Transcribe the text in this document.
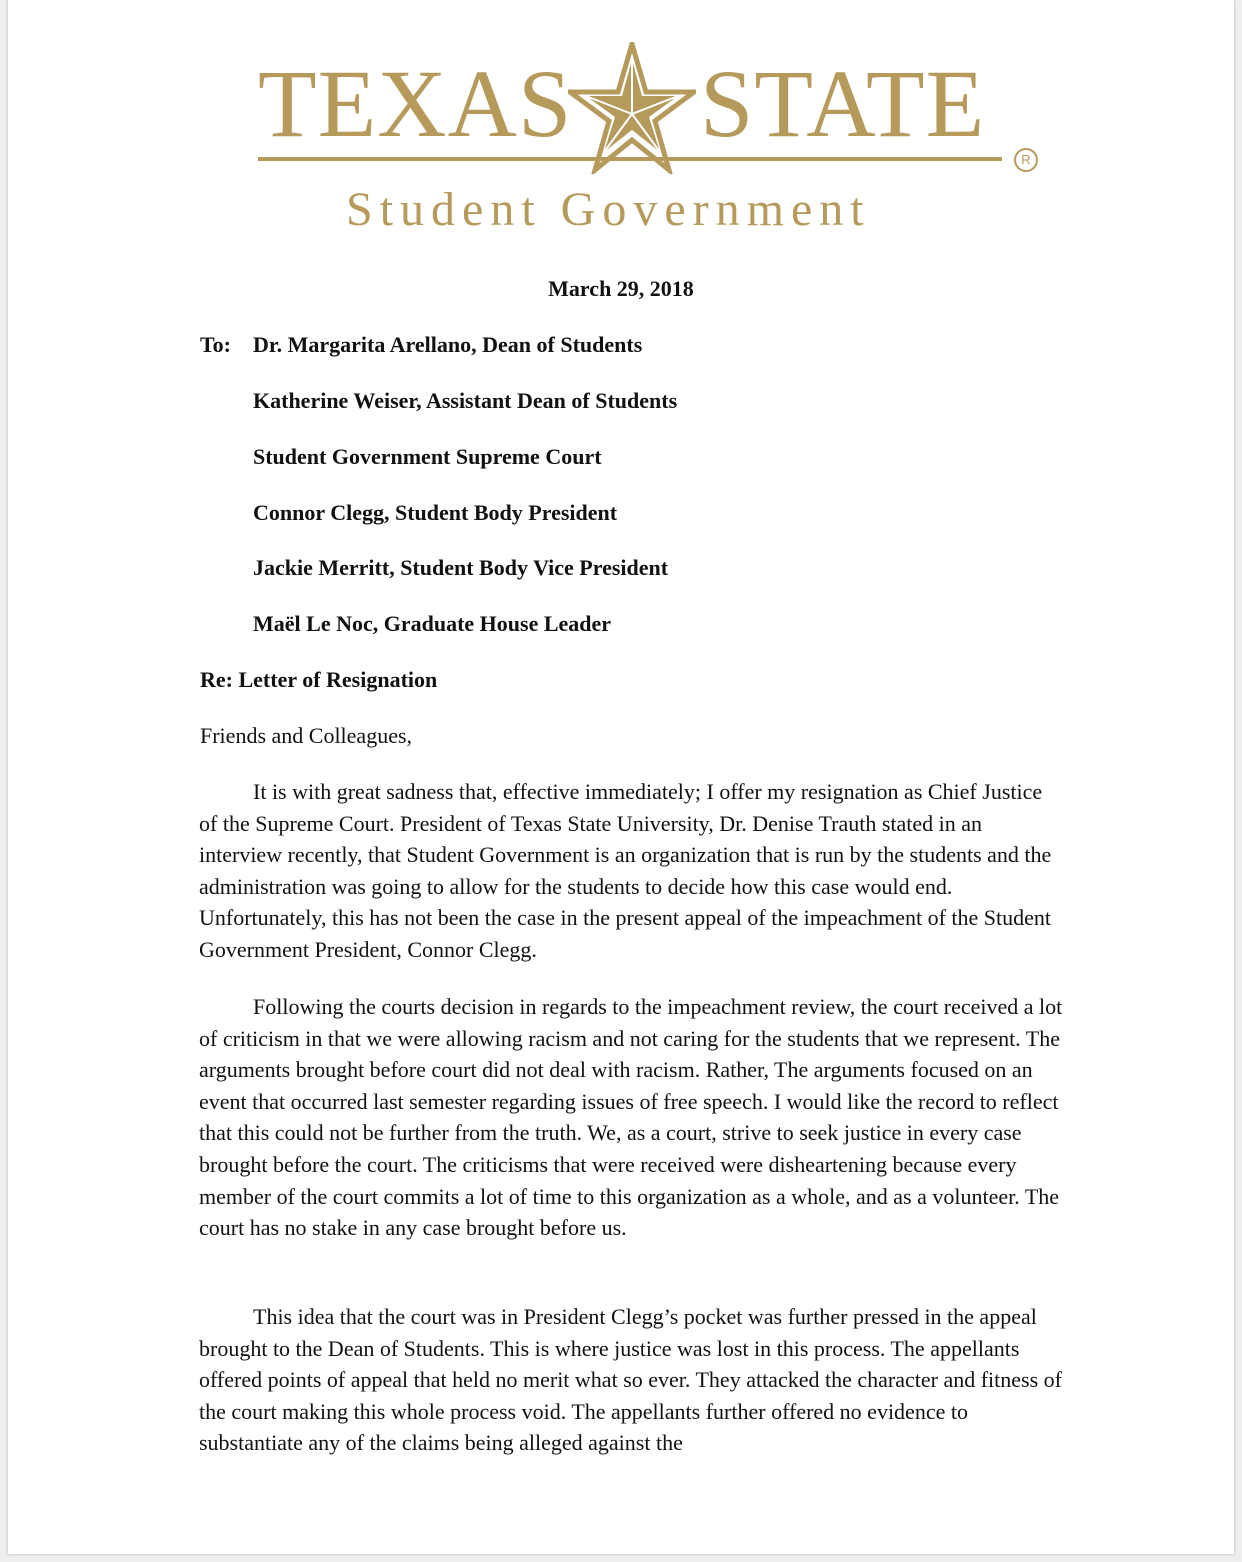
TEXAS STATE
R
Student Government
March 29, 2018
To: Dr. Margarita Arellano, Dean of Students
Katherine Weiser, Assistant Dean of Students
Student Government Supreme Court
Connor Clegg, Student Body President
Jackie Merritt, Student Body Vice President
Maël Le Noc, Graduate House Leader
Re: Letter of Resignation
Friends and Colleagues,

It is with great sadness that, effective immediately; I offer my resignation as Chief Justice of the Supreme Court. President of Texas State University, Dr. Denise Trauth stated in an interview recently, that Student Government is an organization that is run by the students and the administration was going to allow for the students to decide how this case would end. Unfortunately, this has not been the case in the present appeal of the impeachment of the Student Government President, Connor Clegg.

Following the courts decision in regards to the impeachment review, the court received a lot of criticism in that we were allowing racism and not caring for the students that we represent. The arguments brought before court did not deal with racism. Rather, The arguments focused on an event that occurred last semester regarding issues of free speech. I would like the record to reflect that this could not be further from the truth. We, as a court, strive to seek justice in every case brought before the court. The criticisms that were received were disheartening because every member of the court commits a lot of time to this organization as a whole, and as a volunteer. The court has no stake in any case brought before us.

This idea that the court was in President Clegg’s pocket was further pressed in the appeal brought to the Dean of Students. This is where justice was lost in this process. The appellants offered points of appeal that held no merit what so ever. They attacked the character and fitness of the court making this whole process void. The appellants further offered no evidence to substantiate any of the claims being alleged against the
